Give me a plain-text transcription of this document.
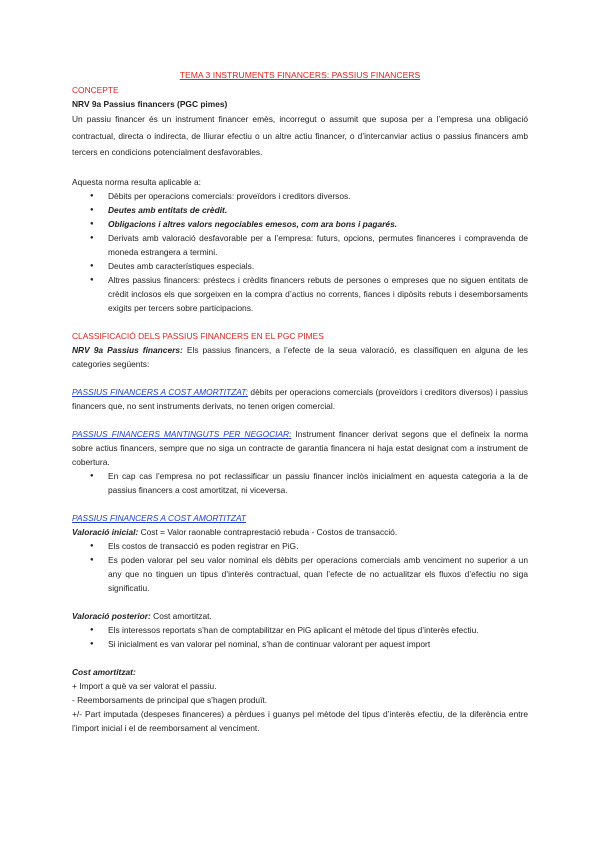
TEMA 3 INSTRUMENTS FINANCERS: PASSIUS FINANCERS

CONCEPTE

NRV 9a Passius financers (PGC pimes)

Un passiu financer és un instrument financer emès, incorregut o assumit que suposa per a l’empresa una obligació contractual, directa o indirecta, de lliurar efectiu o un altre actiu financer, o d’intercanviar actius o passius financers amb tercers en condicions potencialment desfavorables.

Aquesta norma resulta aplicable a:

● Dèbits per operacions comercials: proveïdors i creditors diversos.
● Deutes amb entitats de crèdit.
● Obligacions i altres valors negociables emesos, com ara bons i pagarés.
● Derivats amb valoració desfavorable per a l’empresa: futurs, opcions, permutes financeres i compravenda de moneda estrangera a termini.
● Deutes amb característiques especials.
● Altres passius financers: préstecs i crèdits financers rebuts de persones o empreses que no siguen entitats de crèdit inclosos els que sorgeixen en la compra d’actius no corrents, fiances i dipòsits rebuts i desemborsaments exigits per tercers sobre participacions.

CLASSIFICACIÓ DELS PASSIUS FINANCERS EN EL PGC PIMES

NRV 9a Passius financers: Els passius financers, a l’efecte de la seua valoració, es classifiquen en alguna de les categories següents:

PASSIUS FINANCERS A COST AMORTITZAT: dèbits per operacions comercials (proveïdors i creditors diversos) i passius financers que, no sent instruments derivats, no tenen origen comercial.

PASSIUS FINANCERS MANTINGUTS PER NEGOCIAR: Instrument financer derivat segons que el defineix la norma sobre actius financers, sempre que no siga un contracte de garantia financera ni haja estat designat com a instrument de cobertura.

● En cap cas l’empresa no pot reclassificar un passiu financer inclòs inicialment en aquesta categoria a la de passius financers a cost amortitzat, ni viceversa.

PASSIUS FINANCERS A COST AMORTITZAT

Valoració inicial: Cost = Valor raonable contraprestació rebuda - Costos de transacció.

● Els costos de transacció es poden registrar en PiG.
● Es poden valorar pel seu valor nominal els dèbits per operacions comercials amb venciment no superior a un any que no tinguen un tipus d’interès contractual, quan l’efecte de no actualitzar els fluxos d’efectiu no siga significatiu.

Valoració posterior: Cost amortitzat.

● Els interessos reportats s’han de comptabilitzar en PiG aplicant el mètode del tipus d’interès efectiu.
● Si inicialment es van valorar pel nominal, s’han de continuar valorant per aquest import

Cost amortitzat:

+ Import a què va ser valorat el passiu.

- Reemborsaments de principal que s’hagen produït.

+/- Part imputada (despeses financeres) a pèrdues i guanys pel mètode del tipus d’interès efectiu, de la diferència entre l’import inicial i el de reemborsament al venciment.
